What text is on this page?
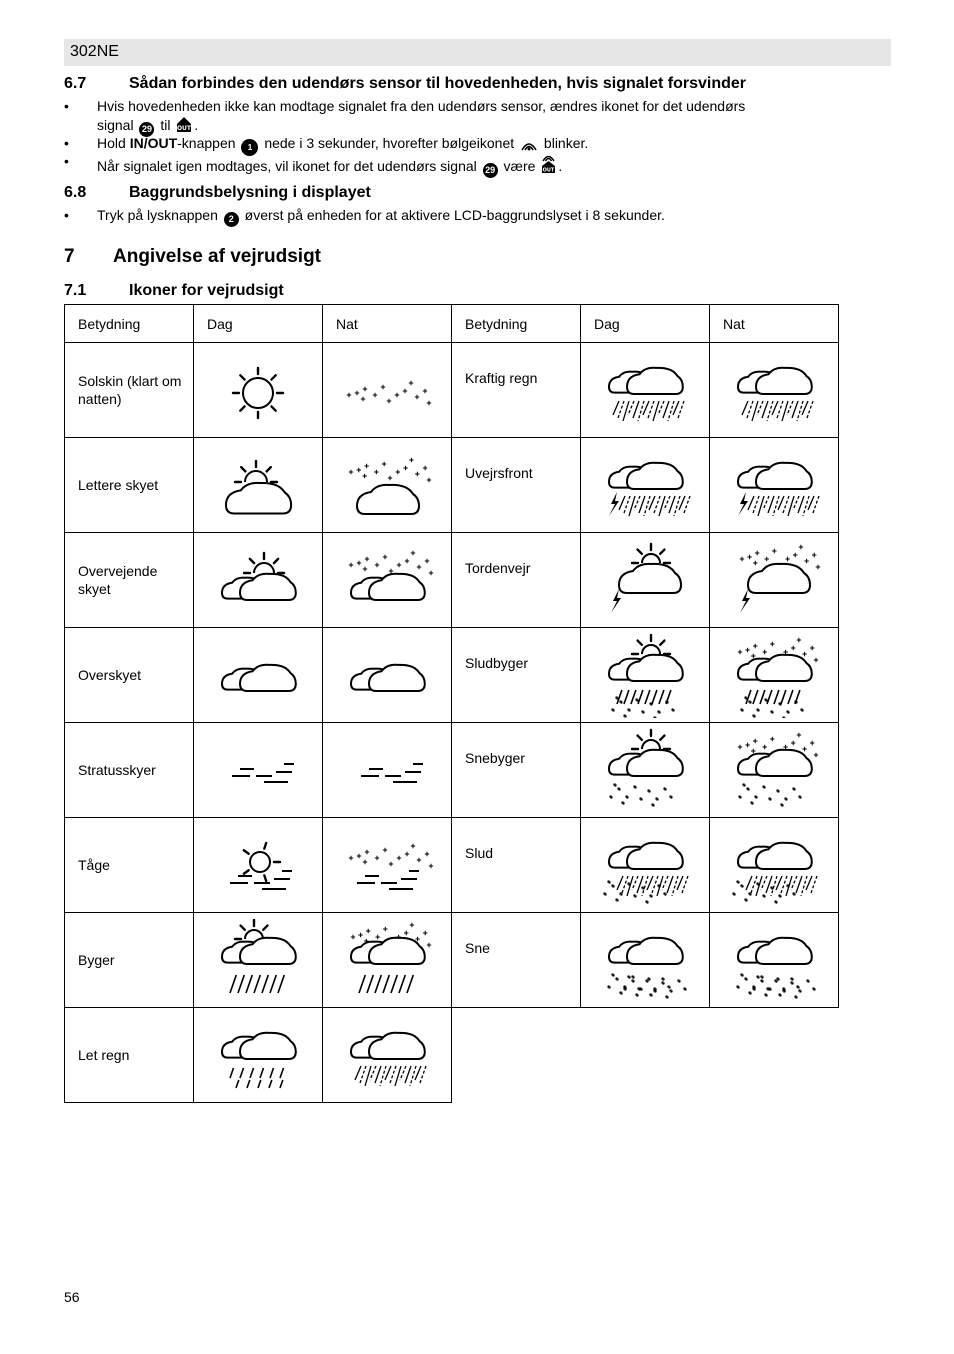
302NE
6.7	Sådan forbindes den udendørs sensor til hovedenheden, hvis signalet forsvinder
• Hvis hovedenheden ikke kan modtage signalet fra den udendørs sensor, ændres ikonet for det udendørs
signal 29 til OUT .
• Hold IN/OUT-knappen 1 nede i 3 sekunder, hvorefter bølgeikonet blinker.
• Når signalet igen modtages, vil ikonet for det udendørs signal 29 være OUT .
6.8	Baggrundsbelysning i displayet
• Tryk på lysknappen 2 øverst på enheden for at aktivere LCD-baggrundslyset i 8 sekunder.
7 Angivelse af vejrudsigt
7.1	Ikoner for vejrudsigt
Betydning	Dag	Nat	Betydning	Dag	Nat

Solskin (klart om natten)			Kraftig regn

Lettere skyet			Uvejrsfront

Overvejende skyet			Tordenvejr

Overskyet			Sludbyger

Stratusskyer			Snebyger

Tåge			Slud

Byger			Sne

Let regn

56
